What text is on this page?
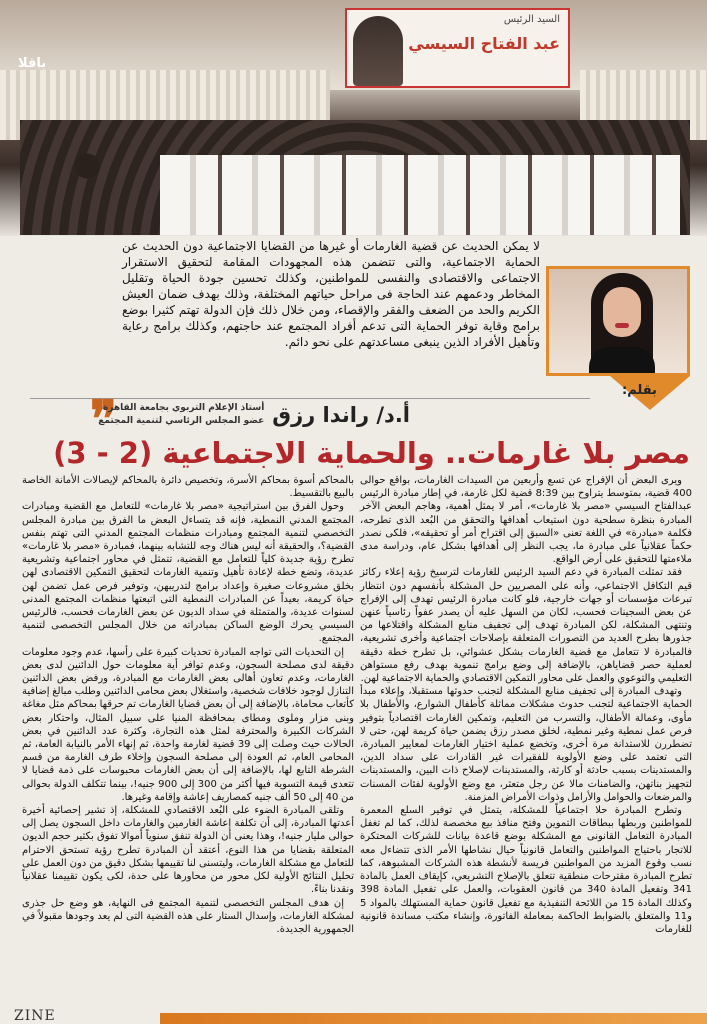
السيد الرئيس
عبد الفتاح السيسي
باقلا
لا يمكن الحديث عن قضية الغارمات أو غيرها من القضايا الاجتماعية دون الحديث عن الحماية الاجتماعية، والتى تتضمن هذه المجهودات المقامة لتحقيق الاستقرار الاجتماعى والاقتصادى والنفسى للمواطنين، وكذلك تحسين جودة الحياة وتقليل المخاطر ودعمهم عند الحاجة فى مراحل حياتهم المختلفة، وذلك بهدف ضمان العيش الكريم والحد من الضعف والفقر والإقصاء، ومن خلال ذلك فإن الدولة تهتم كثيرا بوضع برامج وقاية توفر الحماية التى تدعم أفراد المجتمع عند حاجتهم، وكذلك برامج رعاية وتأهيل الأفراد الذين ينبغى مساعدتهم على نحو دائم.
بقلم:
❞	أ.د/ راندا رزق
أستاذ الإعلام التربوي بجامعة القاهرة
عضو المجلس الرئاسي لتنمية المجتمع
مصر بلا غارمات.. والحماية الاجتماعية (2 - 3)

ويرى البعض أن الإفراج عن تسع وأربعين من السيدات الغارمات، بواقع حوالى 400 قضية، بمتوسط يتراوح بين 8:39 قضية لكل غارمة، في إطار مبادرة الرئيس عبدالفتاح السيسي «مصر بلا غارمات»، أمر لا يمثل أهمية، وهاجم البعض الآخر المبادرة بنظرة سطحية دون استيعاب أهدافها والتحقق من البُعد الذى تطرحه، فكلمة «مبادرة» في اللغة تعنى «السبق إلى اقتراح أمر أو تحقيقه»، فلكى نصدر حكماً عقلانياً على مبادرة ما، يجب النظر إلى أهدافها بشكل عام، ودراسة مدى ملاءمتها للتحقيق على أرض الواقع.

فقد تمثلت المبادرة في دعم السيد الرئيس للغارمات لترسيخ رؤية إعلاء ركائز قيم التكافل الاجتماعي، وأنه على المصريين حل المشكلة بأنفسهم دون انتظار تبرعات مؤسسات أو جهات خارجية، فلو كانت مبادرة الرئيس تهدف إلى الإفراج عن بعض السجينات فحسب، لكان من السهل عليه أن يصدر عفواً رئاسياً عنهن وتنتهى المشكلة، لكن المبادرة تهدف إلى تجفيف منابع المشكلة واقتلاعها من جذورها بطرح العديد من التصورات المتعلقة بإصلاحات اجتماعية وأخرى تشريعية، فالمبادرة لا تتعامل مع قضية الغارمات بشكل عشوائي، بل تطرح خطة دقيقة لعملية حصر قضاياهن، بالإضافة إلى وضع برامج تنموية بهدف رفع مستواهن التعليمي والتوعوي والعمل على محاور التمكين الاقتصادي والحماية الاجتماعية لهن.

وتهدف المبادرة إلى تجفيف منابع المشكلة لتجنب حدوثها مستقبلا، وإعلاء مبدأ الحماية الاجتماعية لتجنب حدوث مشكلات مماثلة كأطفال الشوارع، والأطفال بلا مأوى، وعمالة الأطفال، والتسرب من التعليم، وتمكين الغارمات اقتصادياً بتوفير فرص عمل نمطية وغير نمطية، لخلق مصدر رزق يضمن حياة كريمة لهن، حتى لا تضطررن للاستدانة مرة أخرى، وتخضع عملية اختيار الغارمات لمعايير المبادرة، التى تعتمد على وضع الأولوية للفقيرات غير القادرات على سداد الدين، والمستدينات بسبب حادثة أو كارثة، والمستدينات لإصلاح ذات البين، والمستدينات لتجهيز بناتهن، والضامنات مالا عن رجل متعثر، مع وضع الأولوية لفئات المسنات والمرضعات والحوامل والأرامل وذوات الأمراض المزمنة.

وتطرح المبادرة حلا اجتماعياً للمشكلة، يتمثل في توفير السلع المعمرة للمواطنين وربطها ببطاقات التموين وفتح منافذ بيع مخصصة لذلك، كما لم تغفل المبادرة التعامل القانونى مع المشكلة بوضع قاعدة بيانات للشركات المحتكرة للاتجار باحتياج المواطنين والتعامل قانونياً حيال نشاطها الأمر الذى تتضاءل معه نسب وقوع المزيد من المواطنين فريسة لأنشطة هذه الشركات المشبوهة، كما تطرح المبادرة مقترحات منطقية تتعلق بالإصلاح التشريعي، كإيقاف العمل بالمادة 341 وتفعيل المادة 340 من قانون العقوبات، والعمل على تفعيل المادة 398 وكذلك المادة 15 من اللائحة التنفيذية مع تفعيل قانون حماية المستهلك بالمواد 5 و11 والمتعلق بالضوابط الحاكمة بمعاملة الفاتورة، وإنشاء مكتب مساندة قانونية للغارمات

بالمحاكم أسوة بمحاكم الأسرة، وتخصيص دائرة بالمحاكم لإيصالات الأمانة الخاصة بالبيع بالتقسيط.

وحول الفرق بين استراتيجية «مصر بلا غارمات» للتعامل مع القضية ومبادرات المجتمع المدني النمطية، فإنه قد يتساءل البعض ما الفرق بين مبادرة المجلس التخصصي لتنمية المجتمع ومبادرات منظمات المجتمع المدني التى تهتم بنفس القضية؟، والحقيقة أنه ليس هناك وجه للتشابه بينهما، فمبادرة «مصر بلا غارمات» تطرح رؤية جديدة كلياً للتعامل مع القضية، تتمثل في محاور اجتماعية وتشريعية عديدة، وتضع خطة لإعادة تأهيل وتنمية الغارمات لتحقيق التمكين الاقتصادى لهن بخلق مشروعات صغيرة وإعداد برامج لتدريبهن، وتوفير فرص عمل تضمن لهن حياة كريمة، بعيداً عن المبادرات النمطية التى اتبعتها منظمات المجتمع المدنى لسنوات عديدة، والمتمثلة في سداد الديون عن بعض الغارمات فحسب، فالرئيس السيسي يحرك الوضع الساكن بمبادراته من خلال المجلس التخصصى لتنمية المجتمع.

إن التحديات التى تواجه المبادرة تحديات كبيرة على رأسها، عدم وجود معلومات دقيقة لدى مصلحة السجون، وعدم توافر أية معلومات حول الدائنين لدى بعض الغارمات، وعدم تعاون أهالى بعض الغارمات مع المبادرة، ورفض بعض الدائنين التنازل لوجود خلافات شخصية، واستغلال بعض محامى الدائنين وطلب مبالغ إضافية كأتعاب محاماة، بالإضافة إلى أن بعض قضايا الغارمات تم حرقها بمحاكم مثل مغاغة وبنى مزار وملوى ومطاى بمحافظة المنيا على سبيل المثال، واحتكار بعض الشركات الكبيرة والمحترفة لمثل هذه التجارة، وكثرة عدد الدائنين في بعض الحالات حيث وصلت إلى 39 قضية لغارمة واحدة، ثم إنهاء الأمر بالنيابة العامة، ثم المحامى العام، ثم العودة إلى مصلحة السجون وإخلاء طرف الغارمة من قسم الشرطة التابع لها، بالإضافة إلى أن بعض الغارمات محبوسات على ذمة قضايا لا تتعدى قيمة التسوية فيها أكثر من 300 إلى 900 جنيه!، بينما تتكلف الدولة بحوالى من 40 إلى 50 ألف جنيه كمصاريف إعاشة وإقامة وغيرها.

وتلقى المبادرة الضوء على البُعد الاقتصادي للمشكلة، إذ تشير إحصائية أخيرة أعدتها المبادرة، إلى أن تكلفة إعاشة الغارمين والغارمات داخل السجون يصل إلى حوالى مليار جنيه!، وهذا يعنى أن الدولة تنفق سنوياً أموالا تفوق بكثير حجم الديون المتعلقة بقضايا من هذا النوع، أعتقد أن المبادرة تطرح رؤية تستحق الاحترام للتعامل مع مشكلة الغارمات، وليتسنى لنا تقييمها بشكل دقيق من دون العمل على تحليل النتائج الأولية لكل محور من محاورها على حدة، لكى يكون تقييمنا عقلانياً ونقدنا بناءً.

إن هدف المجلس التخصصى لتنمية المجتمع فى النهاية، هو وضع حل جذرى لمشكلة الغارمات، وإسدال الستار على هذه القضية التى لم يعد وجودها مقبولاً في الجمهورية الجديدة.

ZINE
